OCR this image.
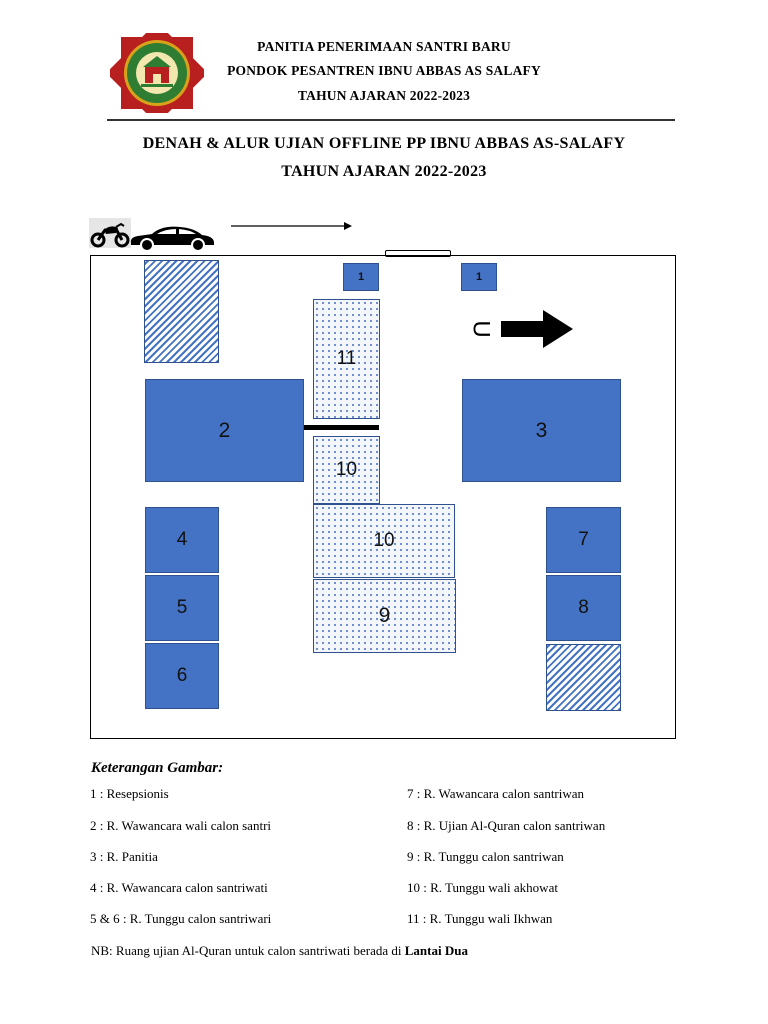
PANITIA PENERIMAAN SANTRI BARU
PONDOK PESANTREN IBNU ABBAS AS SALAFY
TAHUN AJARAN 2022-2023
DENAH & ALUR UJIAN OFFLINE PP IBNU ABBAS AS-SALAFY
TAHUN AJARAN 2022-2023
1	1
11
10
10
9
2	3
4
5
6
7
8
U
Keterangan Gambar:
1 : Resepsionis
2 : R. Wawancara wali calon santri
3 : R. Panitia
4 : R. Wawancara calon santriwati
5 & 6 : R. Tunggu calon santriwari
7 : R. Wawancara calon santriwan
8 : R. Ujian Al-Quran calon santriwan
9 : R. Tunggu calon santriwan
10 : R. Tunggu wali akhowat
11 : R. Tunggu wali Ikhwan
NB: Ruang ujian Al-Quran untuk calon santriwati berada di Lantai Dua
